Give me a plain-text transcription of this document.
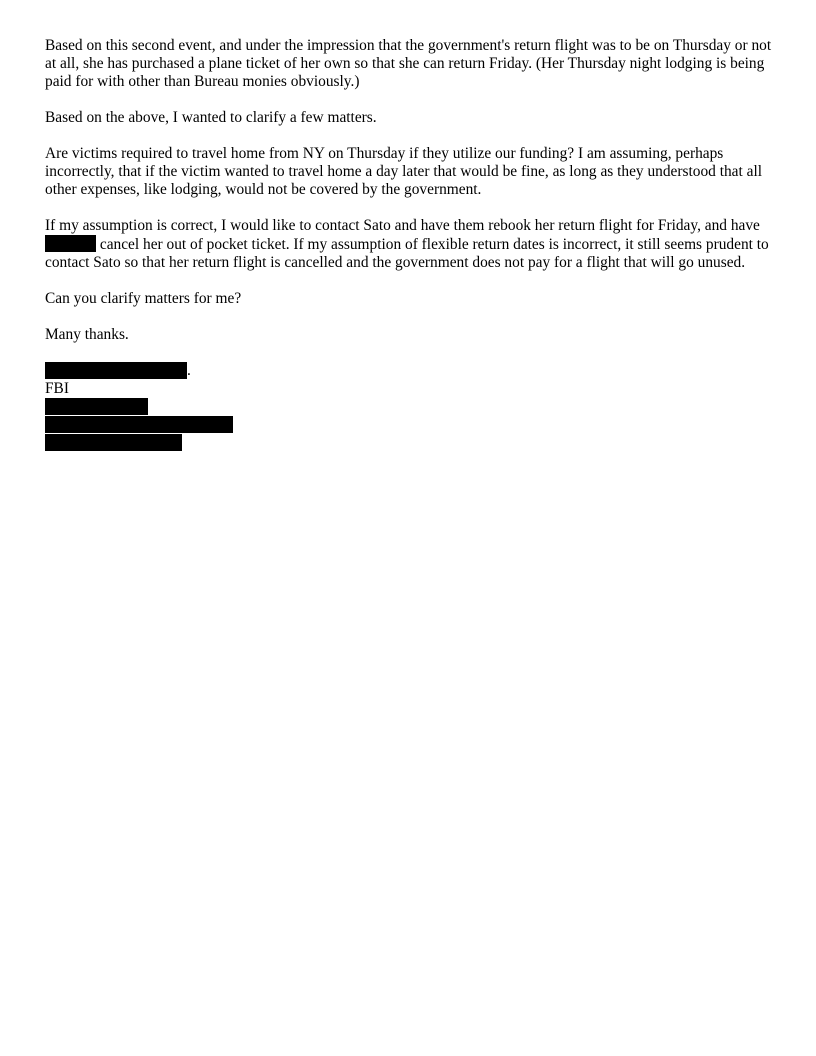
Based on this second event, and under the impression that the government's return flight was to be on Thursday or not at all, she has purchased a plane ticket of her own so that she can return Friday. (Her Thursday night lodging is being paid for with other than Bureau monies obviously.)

Based on the above, I wanted to clarify a few matters.

Are victims required to travel home from NY on Thursday if they utilize our funding? I am assuming, perhaps incorrectly, that if the victim wanted to travel home a day later that would be fine, as long as they understood that all other expenses, like lodging, would not be covered by the government.

If my assumption is correct, I would like to contact Sato and have them rebook her return flight for Friday, and have  cancel her out of pocket ticket. If my assumption of flexible return dates is incorrect, it still seems prudent to contact Sato so that her return flight is cancelled and the government does not pay for a flight that will go unused.

Can you clarify matters for me?

Many thanks.

.
FBI
